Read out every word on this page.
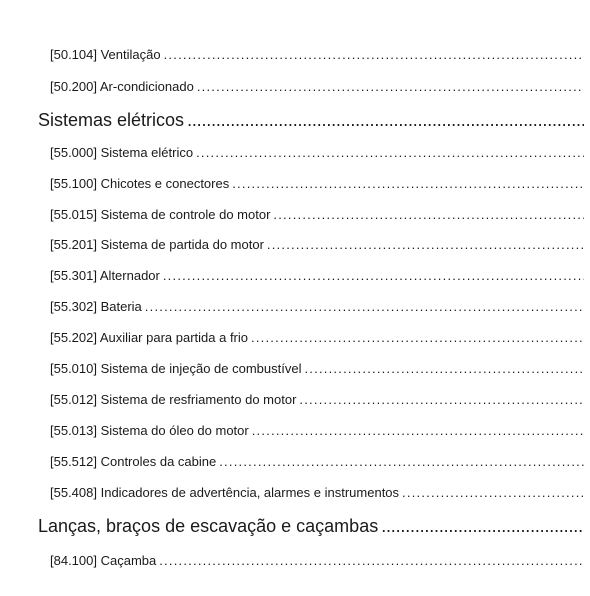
[50.104] Ventilação
. . .
[50.200] Ar-condicionado
. . .
Sistemas elétricos
. . .
[55.000] Sistema elétrico
. . .
[55.100] Chicotes e conectores
. . .
[55.015] Sistema de controle do motor
. . .
[55.201] Sistema de partida do motor
. . .
[55.301] Alternador
. . .
[55.302] Bateria
. . .
[55.202] Auxiliar para partida a frio
. . .
[55.010] Sistema de injeção de combustível
. . .
[55.012] Sistema de resfriamento do motor
. . .
[55.013] Sistema do óleo do motor
. . .
[55.512] Controles da cabine
. . .
[55.408] Indicadores de advertência, alarmes e instrumentos
. . .
Lanças, braços de escavação e caçambas
. . .
[84.100] Caçamba
. . .
